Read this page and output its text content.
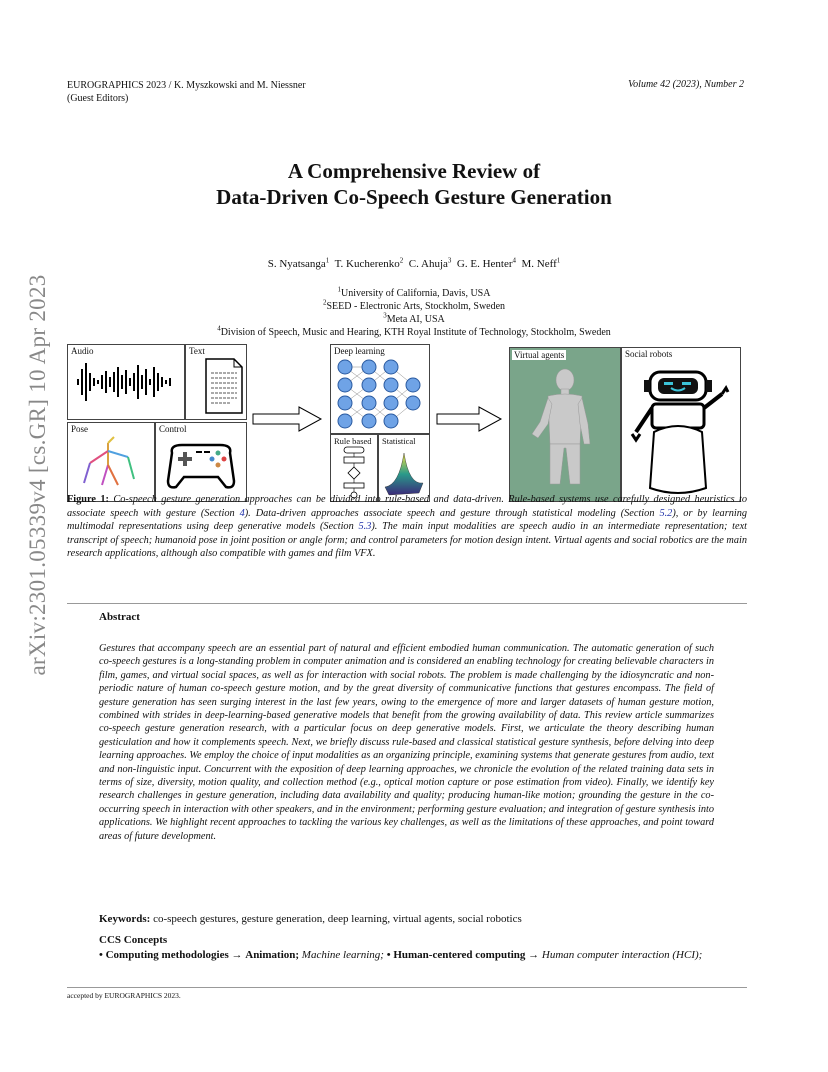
EUROGRAPHICS 2023 / K. Myszkowski and M. Niessner
(Guest Editors)
Volume 42 (2023), Number 2
arXiv:2301.05339v4 [cs.GR] 10 Apr 2023
A Comprehensive Review of
Data-Driven Co-Speech Gesture Generation
S. Nyatsanga$^1$ T. Kucherenko$^2$ C. Ahuja$^3$ G. E. Henter$^4$ M. Neff$^1$
$^1$University of California, Davis, USA
$^2$SEED - Electronic Arts, Stockholm, Sweden
$^3$Meta AI, USA
$^4$Division of Speech, Music and Hearing, KTH Royal Institute of Technology, Stockholm, Sweden
Audio	Text
Pose	Control
Deep learning
Rule based Statistical
Virtual agents	Social robots
Figure 1: Co-speech gesture generation approaches can be divided into rule-based and data-driven. Rule-based systems use carefully designed heuristics to associate speech with gesture (Section 4). Data-driven approaches associate speech and gesture through statistical modeling (Section 5.2), or by learning multimodal representations using deep generative models (Section 5.3). The main input modalities are speech audio in an intermediate representation; text transcript of speech; humanoid pose in joint position or angle form; and control parameters for motion design intent. Virtual agents and social robotics are the main research applications, although also compatible with games and film VFX.
Abstract
Gestures that accompany speech are an essential part of natural and efficient embodied human communication. The automatic generation of such co-speech gestures is a long-standing problem in computer animation and is considered an enabling technology for creating believable characters in film, games, and virtual social spaces, as well as for interaction with social robots. The problem is made challenging by the idiosyncratic and non-periodic nature of human co-speech gesture motion, and by the great diversity of communicative functions that gestures encompass. The field of gesture generation has seen surging interest in the last few years, owing to the emergence of more and larger datasets of human gesture motion, combined with strides in deep-learning-based generative models that benefit from the growing availability of data. This review article summarizes co-speech gesture generation research, with a particular focus on deep generative models. First, we articulate the theory describing human gesticulation and how it complements speech. Next, we briefly discuss rule-based and classical statistical gesture synthesis, before delving into deep learning approaches. We employ the choice of input modalities as an organizing principle, examining systems that generate gestures from audio, text and non-linguistic input. Concurrent with the exposition of deep learning approaches, we chronicle the evolution of the related training data sets in terms of size, diversity, motion quality, and collection method (e.g., optical motion capture or pose estimation from video). Finally, we identify key research challenges in gesture generation, including data availability and quality; producing human-like motion; grounding the gesture in the co-occurring speech in interaction with other speakers, and in the environment; performing gesture evaluation; and integration of gesture synthesis into applications. We highlight recent approaches to tackling the various key challenges, as well as the limitations of these approaches, and point toward areas of future development.
Keywords: co-speech gestures, gesture generation, deep learning, virtual agents, social robotics
CCS Concepts
• Computing methodologies → Animation; Machine learning; • Human-centered computing → Human computer interaction (HCI);
accepted by EUROGRAPHICS 2023.
